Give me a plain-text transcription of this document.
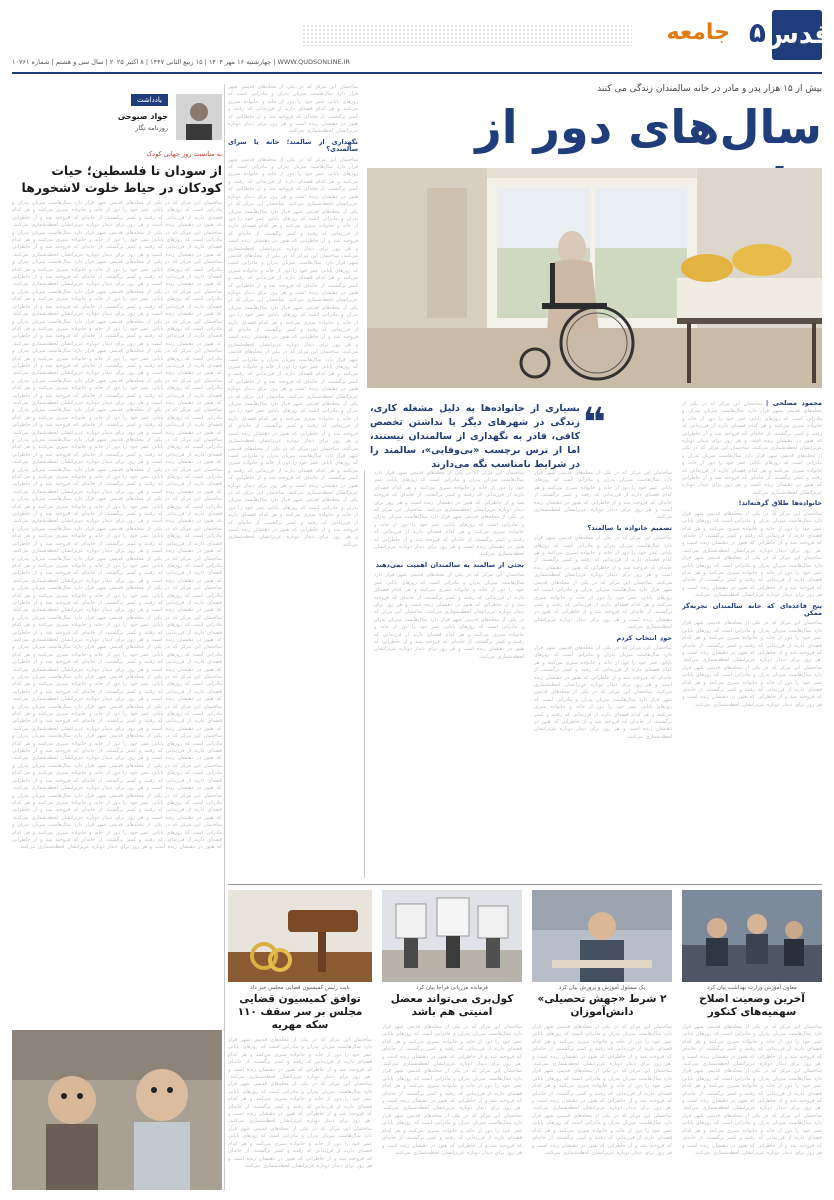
قدس
۵
جامعه
WWW.QUDSONLINE.IR | چهارشنبه ۱۶ مهر ۱۴۰۴ | ۱۵ ربیع الثانی ۱۴۴۷ | ۸ اکتبر ۲۰۲۵ | سال سی و هشتم | شماره ۱۰۷۶۱
بیش از ۱۵ هزار پدر و مادر در خانه سالمندان زندگی می کنند
سال‌های دور از
❝
بسیاری از خانواده‌ها به دلیل مشغله کاری، زندگی در شهرهای دیگر یا نداشتن تخصص کافی، قادر به نگهداری از سالمندان نیستند، اما از ترس برچسب «بی‌وفایی»، سالمند را در شرایط نامناسب نگه می‌دارند
محمود مصلحی | ساختمان این مرکز که در یکی از محله‌های قدیمی شهر قرار دارد سال‌هاست میزبان پدران و مادرانی است که روزهای پایانی عمر خود را دور از خانه و خانواده سپری می‌کنند و هر کدام قصه‌ای دارند از فرزندانی که رفتند و کمتر برگشتند، از خانه‌ای که فروخته شد و از خاطراتی که هنوز در ذهنشان زنده است و هر روز برای دیدار دوباره عزیزانشان لحظه‌شماری می‌کنند. ساختمان این مرکز که در یکی از محله‌های قدیمی شهر قرار دارد سال‌هاست میزبان پدران و مادرانی است که روزهای پایانی عمر خود را دور از خانه و خانواده سپری می‌کنند و هر کدام قصه‌ای دارند از فرزندانی که رفتند و کمتر برگشتند، از خانه‌ای که فروخته شد و از خاطراتی که هنوز در ذهنشان زنده است و هر روز برای دیدار دوباره عزیزانشان لحظه‌شماری می‌کنند.
خانواده‌ها طلاق گرفته‌اند!
ساختمان این مرکز که در یکی از محله‌های قدیمی شهر قرار دارد سال‌هاست میزبان پدران و مادرانی است که روزهای پایانی عمر خود را دور از خانه و خانواده سپری می‌کنند و هر کدام قصه‌ای دارند از فرزندانی که رفتند و کمتر برگشتند، از خانه‌ای که فروخته شد و از خاطراتی که هنوز در ذهنشان زنده است و هر روز برای دیدار دوباره عزیزانشان لحظه‌شماری می‌کنند. ساختمان این مرکز که در یکی از محله‌های قدیمی شهر قرار دارد سال‌هاست میزبان پدران و مادرانی است که روزهای پایانی عمر خود را دور از خانه و خانواده سپری می‌کنند و هر کدام قصه‌ای دارند از فرزندانی که رفتند و کمتر برگشتند، از خانه‌ای که فروخته شد و از خاطراتی که هنوز در ذهنشان زنده است و هر روز برای دیدار دوباره عزیزانشان لحظه‌شماری می‌کنند.
پنج قاعده‌ای که خانه سالمندان تجربه‌گر ممکن
ساختمان این مرکز که در یکی از محله‌های قدیمی شهر قرار دارد سال‌هاست میزبان پدران و مادرانی است که روزهای پایانی عمر خود را دور از خانه و خانواده سپری می‌کنند و هر کدام قصه‌ای دارند از فرزندانی که رفتند و کمتر برگشتند، از خانه‌ای که فروخته شد و از خاطراتی که هنوز در ذهنشان زنده است و هر روز برای دیدار دوباره عزیزانشان لحظه‌شماری می‌کنند. ساختمان این مرکز که در یکی از محله‌های قدیمی شهر قرار دارد سال‌هاست میزبان پدران و مادرانی است که روزهای پایانی عمر خود را دور از خانه و خانواده سپری می‌کنند و هر کدام قصه‌ای دارند از فرزندانی که رفتند و کمتر برگشتند، از خانه‌ای که فروخته شد و از خاطراتی که هنوز در ذهنشان زنده است و هر روز برای دیدار دوباره عزیزانشان لحظه‌شماری می‌کنند.
ساختمان این مرکز که در یکی از محله‌های قدیمی شهر قرار دارد سال‌هاست میزبان پدران و مادرانی است که روزهای پایانی عمر خود را دور از خانه و خانواده سپری می‌کنند و هر کدام قصه‌ای دارند از فرزندانی که رفتند و کمتر برگشتند، از خانه‌ای که فروخته شد و از خاطراتی که هنوز در ذهنشان زنده است و هر روز برای دیدار دوباره عزیزانشان لحظه‌شماری می‌کنند.
تصمیم خانواده یا سالمند؟
ساختمان این مرکز که در یکی از محله‌های قدیمی شهر قرار دارد سال‌هاست میزبان پدران و مادرانی است که روزهای پایانی عمر خود را دور از خانه و خانواده سپری می‌کنند و هر کدام قصه‌ای دارند از فرزندانی که رفتند و کمتر برگشتند، از خانه‌ای که فروخته شد و از خاطراتی که هنوز در ذهنشان زنده است و هر روز برای دیدار دوباره عزیزانشان لحظه‌شماری می‌کنند. ساختمان این مرکز که در یکی از محله‌های قدیمی شهر قرار دارد سال‌هاست میزبان پدران و مادرانی است که روزهای پایانی عمر خود را دور از خانه و خانواده سپری می‌کنند و هر کدام قصه‌ای دارند از فرزندانی که رفتند و کمتر برگشتند، از خانه‌ای که فروخته شد و از خاطراتی که هنوز در ذهنشان زنده است و هر روز برای دیدار دوباره عزیزانشان لحظه‌شماری می‌کنند.
خودِ انتخاب کردم
ساختمان این مرکز که در یکی از محله‌های قدیمی شهر قرار دارد سال‌هاست میزبان پدران و مادرانی است که روزهای پایانی عمر خود را دور از خانه و خانواده سپری می‌کنند و هر کدام قصه‌ای دارند از فرزندانی که رفتند و کمتر برگشتند، از خانه‌ای که فروخته شد و از خاطراتی که هنوز در ذهنشان زنده است و هر روز برای دیدار دوباره عزیزانشان لحظه‌شماری می‌کنند. ساختمان این مرکز که در یکی از محله‌های قدیمی شهر قرار دارد سال‌هاست میزبان پدران و مادرانی است که روزهای پایانی عمر خود را دور از خانه و خانواده سپری می‌کنند و هر کدام قصه‌ای دارند از فرزندانی که رفتند و کمتر برگشتند، از خانه‌ای که فروخته شد و از خاطراتی که هنوز در ذهنشان زنده است و هر روز برای دیدار دوباره عزیزانشان لحظه‌شماری می‌کنند.
ساختمان این مرکز که در یکی از محله‌های قدیمی شهر قرار دارد سال‌هاست میزبان پدران و مادرانی است که روزهای پایانی عمر خود را دور از خانه و خانواده سپری می‌کنند و هر کدام قصه‌ای دارند از فرزندانی که رفتند و کمتر برگشتند، از خانه‌ای که فروخته شد و از خاطراتی که هنوز در ذهنشان زنده است و هر روز برای دیدار دوباره عزیزانشان لحظه‌شماری می‌کنند. ساختمان این مرکز که در یکی از محله‌های قدیمی شهر قرار دارد سال‌هاست میزبان پدران و مادرانی است که روزهای پایانی عمر خود را دور از خانه و خانواده سپری می‌کنند و هر کدام قصه‌ای دارند از فرزندانی که رفتند و کمتر برگشتند، از خانه‌ای که فروخته شد و از خاطراتی که هنوز در ذهنشان زنده است و هر روز برای دیدار دوباره عزیزانشان لحظه‌شماری می‌کنند.
بحثی از سالمند به سالمندان اهمیت نمی‌دهند
ساختمان این مرکز که در یکی از محله‌های قدیمی شهر قرار دارد سال‌هاست میزبان پدران و مادرانی است که روزهای پایانی عمر خود را دور از خانه و خانواده سپری می‌کنند و هر کدام قصه‌ای دارند از فرزندانی که رفتند و کمتر برگشتند، از خانه‌ای که فروخته شد و از خاطراتی که هنوز در ذهنشان زنده است و هر روز برای دیدار دوباره عزیزانشان لحظه‌شماری می‌کنند. ساختمان این مرکز که در یکی از محله‌های قدیمی شهر قرار دارد سال‌هاست میزبان پدران و مادرانی است که روزهای پایانی عمر خود را دور از خانه و خانواده سپری می‌کنند و هر کدام قصه‌ای دارند از فرزندانی که رفتند و کمتر برگشتند، از خانه‌ای که فروخته شد و از خاطراتی که هنوز در ذهنشان زنده است و هر روز برای دیدار دوباره عزیزانشان لحظه‌شماری می‌کنند.
ساختمان این مرکز که در یکی از محله‌های قدیمی شهر قرار دارد سال‌هاست میزبان پدران و مادرانی است که روزهای پایانی عمر خود را دور از خانه و خانواده سپری می‌کنند و هر کدام قصه‌ای دارند از فرزندانی که رفتند و کمتر برگشتند، از خانه‌ای که فروخته شد و از خاطراتی که هنوز در ذهنشان زنده است و هر روز برای دیدار دوباره عزیزانشان لحظه‌شماری می‌کنند.
نگهداری از سالمند؛ خانه یا سرای سالمندی؟
ساختمان این مرکز که در یکی از محله‌های قدیمی شهر قرار دارد سال‌هاست میزبان پدران و مادرانی است که روزهای پایانی عمر خود را دور از خانه و خانواده سپری می‌کنند و هر کدام قصه‌ای دارند از فرزندانی که رفتند و کمتر برگشتند، از خانه‌ای که فروخته شد و از خاطراتی که هنوز در ذهنشان زنده است و هر روز برای دیدار دوباره عزیزانشان لحظه‌شماری می‌کنند. ساختمان این مرکز که در یکی از محله‌های قدیمی شهر قرار دارد سال‌هاست میزبان پدران و مادرانی است که روزهای پایانی عمر خود را دور از خانه و خانواده سپری می‌کنند و هر کدام قصه‌ای دارند از فرزندانی که رفتند و کمتر برگشتند، از خانه‌ای که فروخته شد و از خاطراتی که هنوز در ذهنشان زنده است و هر روز برای دیدار دوباره عزیزانشان لحظه‌شماری می‌کنند. ساختمان این مرکز که در یکی از محله‌های قدیمی شهر قرار دارد سال‌هاست میزبان پدران و مادرانی است که روزهای پایانی عمر خود را دور از خانه و خانواده سپری می‌کنند و هر کدام قصه‌ای دارند از فرزندانی که رفتند و کمتر برگشتند، از خانه‌ای که فروخته شد و از خاطراتی که هنوز در ذهنشان زنده است و هر روز برای دیدار دوباره عزیزانشان لحظه‌شماری می‌کنند. ساختمان این مرکز که در یکی از محله‌های قدیمی شهر قرار دارد سال‌هاست میزبان پدران و مادرانی است که روزهای پایانی عمر خود را دور از خانه و خانواده سپری می‌کنند و هر کدام قصه‌ای دارند از فرزندانی که رفتند و کمتر برگشتند، از خانه‌ای که فروخته شد و از خاطراتی که هنوز در ذهنشان زنده است و هر روز برای دیدار دوباره عزیزانشان لحظه‌شماری می‌کنند. ساختمان این مرکز که در یکی از محله‌های قدیمی شهر قرار دارد سال‌هاست میزبان پدران و مادرانی است که روزهای پایانی عمر خود را دور از خانه و خانواده سپری می‌کنند و هر کدام قصه‌ای دارند از فرزندانی که رفتند و کمتر برگشتند، از خانه‌ای که فروخته شد و از خاطراتی که هنوز در ذهنشان زنده است و هر روز برای دیدار دوباره عزیزانشان لحظه‌شماری می‌کنند. ساختمان این مرکز که در یکی از محله‌های قدیمی شهر قرار دارد سال‌هاست میزبان پدران و مادرانی است که روزهای پایانی عمر خود را دور از خانه و خانواده سپری می‌کنند و هر کدام قصه‌ای دارند از فرزندانی که رفتند و کمتر برگشتند، از خانه‌ای که فروخته شد و از خاطراتی که هنوز در ذهنشان زنده است و هر روز برای دیدار دوباره عزیزانشان لحظه‌شماری می‌کنند. ساختمان این مرکز که در یکی از محله‌های قدیمی شهر قرار دارد سال‌هاست میزبان پدران و مادرانی است که روزهای پایانی عمر خود را دور از خانه و خانواده سپری می‌کنند و هر کدام قصه‌ای دارند از فرزندانی که رفتند و کمتر برگشتند، از خانه‌ای که فروخته شد و از خاطراتی که هنوز در ذهنشان زنده است و هر روز برای دیدار دوباره عزیزانشان لحظه‌شماری می‌کنند. ساختمان این مرکز که در یکی از محله‌های قدیمی شهر قرار دارد سال‌هاست میزبان پدران و مادرانی است که روزهای پایانی عمر خود را دور از خانه و خانواده سپری می‌کنند و هر کدام قصه‌ای دارند از فرزندانی که رفتند و کمتر برگشتند، از خانه‌ای که فروخته شد و از خاطراتی که هنوز در ذهنشان زنده است و هر روز برای دیدار دوباره عزیزانشان لحظه‌شماری می‌کنند.
یادداشت
جواد صبوحی
روزنامه نگار
به مناسبت روز جهانی کودک
از سودان تا فلسطین؛ حیات کودکان در حیاط خلوت لاشخورها
ساختمان این مرکز که در یکی از محله‌های قدیمی شهر قرار دارد سال‌هاست میزبان پدران و مادرانی است که روزهای پایانی عمر خود را دور از خانه و خانواده سپری می‌کنند و هر کدام قصه‌ای دارند از فرزندانی که رفتند و کمتر برگشتند، از خانه‌ای که فروخته شد و از خاطراتی که هنوز در ذهنشان زنده است و هر روز برای دیدار دوباره عزیزانشان لحظه‌شماری می‌کنند. ساختمان این مرکز که در یکی از محله‌های قدیمی شهر قرار دارد سال‌هاست میزبان پدران و مادرانی است که روزهای پایانی عمر خود را دور از خانه و خانواده سپری می‌کنند و هر کدام قصه‌ای دارند از فرزندانی که رفتند و کمتر برگشتند، از خانه‌ای که فروخته شد و از خاطراتی که هنوز در ذهنشان زنده است و هر روز برای دیدار دوباره عزیزانشان لحظه‌شماری می‌کنند. ساختمان این مرکز که در یکی از محله‌های قدیمی شهر قرار دارد سال‌هاست میزبان پدران و مادرانی است که روزهای پایانی عمر خود را دور از خانه و خانواده سپری می‌کنند و هر کدام قصه‌ای دارند از فرزندانی که رفتند و کمتر برگشتند، از خانه‌ای که فروخته شد و از خاطراتی که هنوز در ذهنشان زنده است و هر روز برای دیدار دوباره عزیزانشان لحظه‌شماری می‌کنند. ساختمان این مرکز که در یکی از محله‌های قدیمی شهر قرار دارد سال‌هاست میزبان پدران و مادرانی است که روزهای پایانی عمر خود را دور از خانه و خانواده سپری می‌کنند و هر کدام قصه‌ای دارند از فرزندانی که رفتند و کمتر برگشتند، از خانه‌ای که فروخته شد و از خاطراتی که هنوز در ذهنشان زنده است و هر روز برای دیدار دوباره عزیزانشان لحظه‌شماری می‌کنند. ساختمان این مرکز که در یکی از محله‌های قدیمی شهر قرار دارد سال‌هاست میزبان پدران و مادرانی است که روزهای پایانی عمر خود را دور از خانه و خانواده سپری می‌کنند و هر کدام قصه‌ای دارند از فرزندانی که رفتند و کمتر برگشتند، از خانه‌ای که فروخته شد و از خاطراتی که هنوز در ذهنشان زنده است و هر روز برای دیدار دوباره عزیزانشان لحظه‌شماری می‌کنند. ساختمان این مرکز که در یکی از محله‌های قدیمی شهر قرار دارد سال‌هاست میزبان پدران و مادرانی است که روزهای پایانی عمر خود را دور از خانه و خانواده سپری می‌کنند و هر کدام قصه‌ای دارند از فرزندانی که رفتند و کمتر برگشتند، از خانه‌ای که فروخته شد و از خاطراتی که هنوز در ذهنشان زنده است و هر روز برای دیدار دوباره عزیزانشان لحظه‌شماری می‌کنند. ساختمان این مرکز که در یکی از محله‌های قدیمی شهر قرار دارد سال‌هاست میزبان پدران و مادرانی است که روزهای پایانی عمر خود را دور از خانه و خانواده سپری می‌کنند و هر کدام قصه‌ای دارند از فرزندانی که رفتند و کمتر برگشتند، از خانه‌ای که فروخته شد و از خاطراتی که هنوز در ذهنشان زنده است و هر روز برای دیدار دوباره عزیزانشان لحظه‌شماری می‌کنند. ساختمان این مرکز که در یکی از محله‌های قدیمی شهر قرار دارد سال‌هاست میزبان پدران و مادرانی است که روزهای پایانی عمر خود را دور از خانه و خانواده سپری می‌کنند و هر کدام قصه‌ای دارند از فرزندانی که رفتند و کمتر برگشتند، از خانه‌ای که فروخته شد و از خاطراتی که هنوز در ذهنشان زنده است و هر روز برای دیدار دوباره عزیزانشان لحظه‌شماری می‌کنند. ساختمان این مرکز که در یکی از محله‌های قدیمی شهر قرار دارد سال‌هاست میزبان پدران و مادرانی است که روزهای پایانی عمر خود را دور از خانه و خانواده سپری می‌کنند و هر کدام قصه‌ای دارند از فرزندانی که رفتند و کمتر برگشتند، از خانه‌ای که فروخته شد و از خاطراتی که هنوز در ذهنشان زنده است و هر روز برای دیدار دوباره عزیزانشان لحظه‌شماری می‌کنند. ساختمان این مرکز که در یکی از محله‌های قدیمی شهر قرار دارد سال‌هاست میزبان پدران و مادرانی است که روزهای پایانی عمر خود را دور از خانه و خانواده سپری می‌کنند و هر کدام قصه‌ای دارند از فرزندانی که رفتند و کمتر برگشتند، از خانه‌ای که فروخته شد و از خاطراتی که هنوز در ذهنشان زنده است و هر روز برای دیدار دوباره عزیزانشان لحظه‌شماری می‌کنند. ساختمان این مرکز که در یکی از محله‌های قدیمی شهر قرار دارد سال‌هاست میزبان پدران و مادرانی است که روزهای پایانی عمر خود را دور از خانه و خانواده سپری می‌کنند و هر کدام قصه‌ای دارند از فرزندانی که رفتند و کمتر برگشتند، از خانه‌ای که فروخته شد و از خاطراتی که هنوز در ذهنشان زنده است و هر روز برای دیدار دوباره عزیزانشان لحظه‌شماری می‌کنند. ساختمان این مرکز که در یکی از محله‌های قدیمی شهر قرار دارد سال‌هاست میزبان پدران و مادرانی است که روزهای پایانی عمر خود را دور از خانه و خانواده سپری می‌کنند و هر کدام قصه‌ای دارند از فرزندانی که رفتند و کمتر برگشتند، از خانه‌ای که فروخته شد و از خاطراتی که هنوز در ذهنشان زنده است و هر روز برای دیدار دوباره عزیزانشان لحظه‌شماری می‌کنند. ساختمان این مرکز که در یکی از محله‌های قدیمی شهر قرار دارد سال‌هاست میزبان پدران و مادرانی است که روزهای پایانی عمر خود را دور از خانه و خانواده سپری می‌کنند و هر کدام قصه‌ای دارند از فرزندانی که رفتند و کمتر برگشتند، از خانه‌ای که فروخته شد و از خاطراتی که هنوز در ذهنشان زنده است و هر روز برای دیدار دوباره عزیزانشان لحظه‌شماری می‌کنند. ساختمان این مرکز که در یکی از محله‌های قدیمی شهر قرار دارد سال‌هاست میزبان پدران و مادرانی است که روزهای پایانی عمر خود را دور از خانه و خانواده سپری می‌کنند و هر کدام قصه‌ای دارند از فرزندانی که رفتند و کمتر برگشتند، از خانه‌ای که فروخته شد و از خاطراتی که هنوز در ذهنشان زنده است و هر روز برای دیدار دوباره عزیزانشان لحظه‌شماری می‌کنند. ساختمان این مرکز که در یکی از محله‌های قدیمی شهر قرار دارد سال‌هاست میزبان پدران و مادرانی است که روزهای پایانی عمر خود را دور از خانه و خانواده سپری می‌کنند و هر کدام قصه‌ای دارند از فرزندانی که رفتند و کمتر برگشتند، از خانه‌ای که فروخته شد و از خاطراتی که هنوز در ذهنشان زنده است و هر روز برای دیدار دوباره عزیزانشان لحظه‌شماری می‌کنند. ساختمان این مرکز که در یکی از محله‌های قدیمی شهر قرار دارد سال‌هاست میزبان پدران و مادرانی است که روزهای پایانی عمر خود را دور از خانه و خانواده سپری می‌کنند و هر کدام قصه‌ای دارند از فرزندانی که رفتند و کمتر برگشتند، از خانه‌ای که فروخته شد و از خاطراتی که هنوز در ذهنشان زنده است و هر روز برای دیدار دوباره عزیزانشان لحظه‌شماری می‌کنند. ساختمان این مرکز که در یکی از محله‌های قدیمی شهر قرار دارد سال‌هاست میزبان پدران و مادرانی است که روزهای پایانی عمر خود را دور از خانه و خانواده سپری می‌کنند و هر کدام قصه‌ای دارند از فرزندانی که رفتند و کمتر برگشتند، از خانه‌ای که فروخته شد و از خاطراتی که هنوز در ذهنشان زنده است و هر روز برای دیدار دوباره عزیزانشان لحظه‌شماری می‌کنند. ساختمان این مرکز که در یکی از محله‌های قدیمی شهر قرار دارد سال‌هاست میزبان پدران و مادرانی است که روزهای پایانی عمر خود را دور از خانه و خانواده سپری می‌کنند و هر کدام قصه‌ای دارند از فرزندانی که رفتند و کمتر برگشتند، از خانه‌ای که فروخته شد و از خاطراتی که هنوز در ذهنشان زنده است و هر روز برای دیدار دوباره عزیزانشان لحظه‌شماری می‌کنند. ساختمان این مرکز که در یکی از محله‌های قدیمی شهر قرار دارد سال‌هاست میزبان پدران و مادرانی است که روزهای پایانی عمر خود را دور از خانه و خانواده سپری می‌کنند و هر کدام قصه‌ای دارند از فرزندانی که رفتند و کمتر برگشتند، از خانه‌ای که فروخته شد و از خاطراتی که هنوز در ذهنشان زنده است و هر روز برای دیدار دوباره عزیزانشان لحظه‌شماری می‌کنند. ساختمان این مرکز که در یکی از محله‌های قدیمی شهر قرار دارد سال‌هاست میزبان پدران و مادرانی است که روزهای پایانی عمر خود را دور از خانه و خانواده سپری می‌کنند و هر کدام قصه‌ای دارند از فرزندانی که رفتند و کمتر برگشتند، از خانه‌ای که فروخته شد و از خاطراتی که هنوز در ذهنشان زنده است و هر روز برای دیدار دوباره عزیزانشان لحظه‌شماری می‌کنند. ساختمان این مرکز که در یکی از محله‌های قدیمی شهر قرار دارد سال‌هاست میزبان پدران و مادرانی است که روزهای پایانی عمر خود را دور از خانه و خانواده سپری می‌کنند و هر کدام قصه‌ای دارند از فرزندانی که رفتند و کمتر برگشتند، از خانه‌ای که فروخته شد و از خاطراتی که هنوز در ذهنشان زنده است و هر روز برای دیدار دوباره عزیزانشان لحظه‌شماری می‌کنند. ساختمان این مرکز که در یکی از محله‌های قدیمی شهر قرار دارد سال‌هاست میزبان پدران و مادرانی است که روزهای پایانی عمر خود را دور از خانه و خانواده سپری می‌کنند و هر کدام قصه‌ای دارند از فرزندانی که رفتند و کمتر برگشتند، از خانه‌ای که فروخته شد و از خاطراتی که هنوز در ذهنشان زنده است و هر روز برای دیدار دوباره عزیزانشان لحظه‌شماری می‌کنند.
معاون آموزش وزارت بهداشت بیان کرد
آخرین وضعیت اصلاح سهمیه‌های کنکور
ساختمان این مرکز که در یکی از محله‌های قدیمی شهر قرار دارد سال‌هاست میزبان پدران و مادرانی است که روزهای پایانی عمر خود را دور از خانه و خانواده سپری می‌کنند و هر کدام قصه‌ای دارند از فرزندانی که رفتند و کمتر برگشتند، از خانه‌ای که فروخته شد و از خاطراتی که هنوز در ذهنشان زنده است و هر روز برای دیدار دوباره عزیزانشان لحظه‌شماری می‌کنند. ساختمان این مرکز که در یکی از محله‌های قدیمی شهر قرار دارد سال‌هاست میزبان پدران و مادرانی است که روزهای پایانی عمر خود را دور از خانه و خانواده سپری می‌کنند و هر کدام قصه‌ای دارند از فرزندانی که رفتند و کمتر برگشتند، از خانه‌ای که فروخته شد و از خاطراتی که هنوز در ذهنشان زنده است و هر روز برای دیدار دوباره عزیزانشان لحظه‌شماری می‌کنند. ساختمان این مرکز که در یکی از محله‌های قدیمی شهر قرار دارد سال‌هاست میزبان پدران و مادرانی است که روزهای پایانی عمر خود را دور از خانه و خانواده سپری می‌کنند و هر کدام قصه‌ای دارند از فرزندانی که رفتند و کمتر برگشتند، از خانه‌ای که فروخته شد و از خاطراتی که هنوز در ذهنشان زنده است و هر روز برای دیدار دوباره عزیزانشان لحظه‌شماری می‌کنند.
یک مسئول آموزش و پرورش بیان کرد
۲ شرط «جهش تحصیلی» دانش‌آموزان
ساختمان این مرکز که در یکی از محله‌های قدیمی شهر قرار دارد سال‌هاست میزبان پدران و مادرانی است که روزهای پایانی عمر خود را دور از خانه و خانواده سپری می‌کنند و هر کدام قصه‌ای دارند از فرزندانی که رفتند و کمتر برگشتند، از خانه‌ای که فروخته شد و از خاطراتی که هنوز در ذهنشان زنده است و هر روز برای دیدار دوباره عزیزانشان لحظه‌شماری می‌کنند. ساختمان این مرکز که در یکی از محله‌های قدیمی شهر قرار دارد سال‌هاست میزبان پدران و مادرانی است که روزهای پایانی عمر خود را دور از خانه و خانواده سپری می‌کنند و هر کدام قصه‌ای دارند از فرزندانی که رفتند و کمتر برگشتند، از خانه‌ای که فروخته شد و از خاطراتی که هنوز در ذهنشان زنده است و هر روز برای دیدار دوباره عزیزانشان لحظه‌شماری می‌کنند. ساختمان این مرکز که در یکی از محله‌های قدیمی شهر قرار دارد سال‌هاست میزبان پدران و مادرانی است که روزهای پایانی عمر خود را دور از خانه و خانواده سپری می‌کنند و هر کدام قصه‌ای دارند از فرزندانی که رفتند و کمتر برگشتند، از خانه‌ای که فروخته شد و از خاطراتی که هنوز در ذهنشان زنده است و هر روز برای دیدار دوباره عزیزانشان لحظه‌شماری می‌کنند.
فرمانده مرزبانی فراجا بیان کرد
کول‌بری می‌تواند معضل امنیتی هم باشد
ساختمان این مرکز که در یکی از محله‌های قدیمی شهر قرار دارد سال‌هاست میزبان پدران و مادرانی است که روزهای پایانی عمر خود را دور از خانه و خانواده سپری می‌کنند و هر کدام قصه‌ای دارند از فرزندانی که رفتند و کمتر برگشتند، از خانه‌ای که فروخته شد و از خاطراتی که هنوز در ذهنشان زنده است و هر روز برای دیدار دوباره عزیزانشان لحظه‌شماری می‌کنند. ساختمان این مرکز که در یکی از محله‌های قدیمی شهر قرار دارد سال‌هاست میزبان پدران و مادرانی است که روزهای پایانی عمر خود را دور از خانه و خانواده سپری می‌کنند و هر کدام قصه‌ای دارند از فرزندانی که رفتند و کمتر برگشتند، از خانه‌ای که فروخته شد و از خاطراتی که هنوز در ذهنشان زنده است و هر روز برای دیدار دوباره عزیزانشان لحظه‌شماری می‌کنند. ساختمان این مرکز که در یکی از محله‌های قدیمی شهر قرار دارد سال‌هاست میزبان پدران و مادرانی است که روزهای پایانی عمر خود را دور از خانه و خانواده سپری می‌کنند و هر کدام قصه‌ای دارند از فرزندانی که رفتند و کمتر برگشتند، از خانه‌ای که فروخته شد و از خاطراتی که هنوز در ذهنشان زنده است و هر روز برای دیدار دوباره عزیزانشان لحظه‌شماری می‌کنند.
نایب رئیس کمیسیون قضایی مجلس خبر داد
توافق کمیسیون قضایی مجلس بر سر سقف ۱۱۰ سکه مهریه
ساختمان این مرکز که در یکی از محله‌های قدیمی شهر قرار دارد سال‌هاست میزبان پدران و مادرانی است که روزهای پایانی عمر خود را دور از خانه و خانواده سپری می‌کنند و هر کدام قصه‌ای دارند از فرزندانی که رفتند و کمتر برگشتند، از خانه‌ای که فروخته شد و از خاطراتی که هنوز در ذهنشان زنده است و هر روز برای دیدار دوباره عزیزانشان لحظه‌شماری می‌کنند. ساختمان این مرکز که در یکی از محله‌های قدیمی شهر قرار دارد سال‌هاست میزبان پدران و مادرانی است که روزهای پایانی عمر خود را دور از خانه و خانواده سپری می‌کنند و هر کدام قصه‌ای دارند از فرزندانی که رفتند و کمتر برگشتند، از خانه‌ای که فروخته شد و از خاطراتی که هنوز در ذهنشان زنده است و هر روز برای دیدار دوباره عزیزانشان لحظه‌شماری می‌کنند. ساختمان این مرکز که در یکی از محله‌های قدیمی شهر قرار دارد سال‌هاست میزبان پدران و مادرانی است که روزهای پایانی عمر خود را دور از خانه و خانواده سپری می‌کنند و هر کدام قصه‌ای دارند از فرزندانی که رفتند و کمتر برگشتند، از خانه‌ای که فروخته شد و از خاطراتی که هنوز در ذهنشان زنده است و هر روز برای دیدار دوباره عزیزانشان لحظه‌شماری می‌کنند.
